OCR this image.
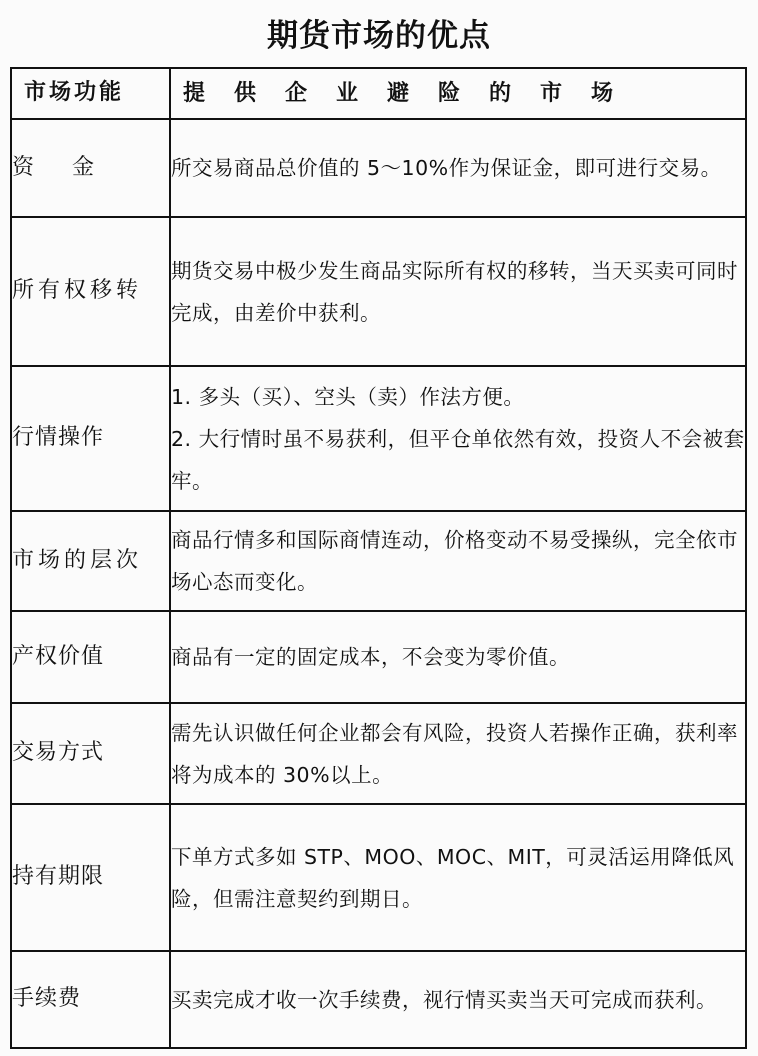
期货市场的优点
市场功能	提供企业避险的市场
资金	所交易商品总价值的 5～10%作为保证金，即可进行交易。

所有权移转	期货交易中极少发生商品实际所有权的移转，当天买卖可同时完成，由差价中获利。

行情操作	1. 多头（买）、空头（卖）作法方便。
2. 大行情时虽不易获利，但平仓单依然有效，投资人不会被套牢。

市场的层次	商品行情多和国际商情连动，价格变动不易受操纵，完全依市场心态而变化。

产权价值	商品有一定的固定成本，不会变为零价值。

交易方式	需先认识做任何企业都会有风险，投资人若操作正确，获利率将为成本的 30%以上。

持有期限	下单方式多如 STP、MOO、MOC、MIT，可灵活运用降低风险，但需注意契约到期日。

手续费	买卖完成才收一次手续费，视行情买卖当天可完成而获利。
